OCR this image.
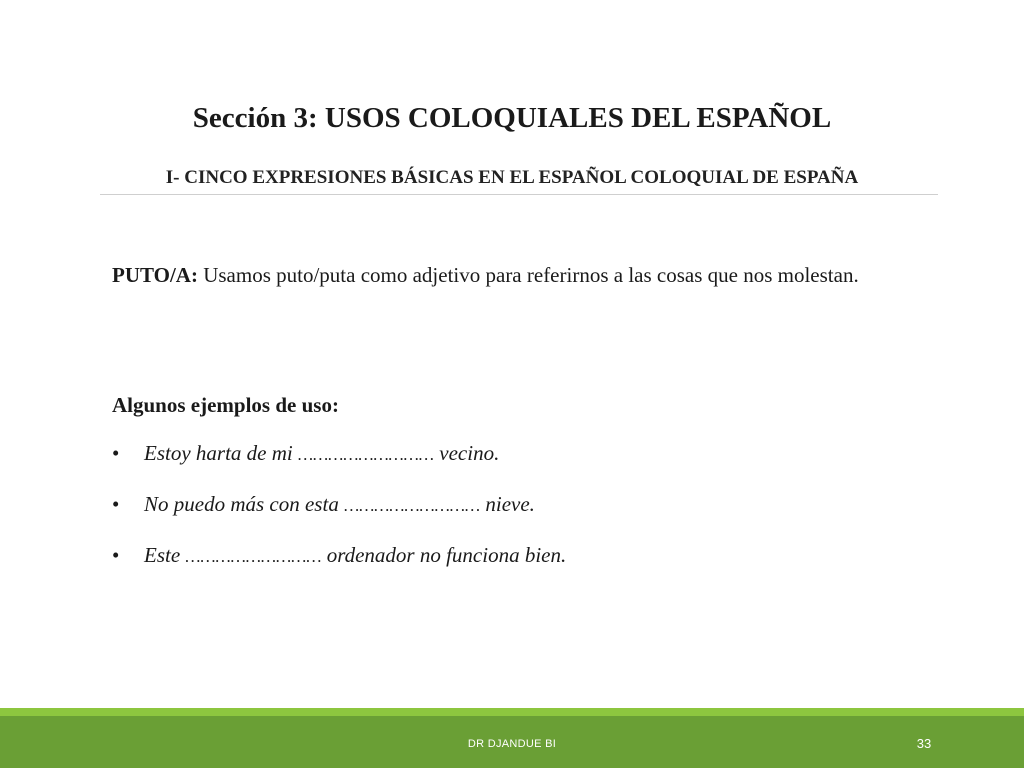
Sección 3: USOS COLOQUIALES DEL ESPAÑOL
I- CINCO EXPRESIONES BÁSICAS EN EL ESPAÑOL COLOQUIAL DE ESPAÑA

PUTO/A: Usamos puto/puta como adjetivo para referirnos a las cosas que nos molestan.

Algunos ejemplos de uso:

• Estoy harta de mi ……………………… vecino.
• No puedo más con esta ……………………… nieve.
• Este ……………………… ordenador no funciona bien.
DR DJANDUE BI	33
